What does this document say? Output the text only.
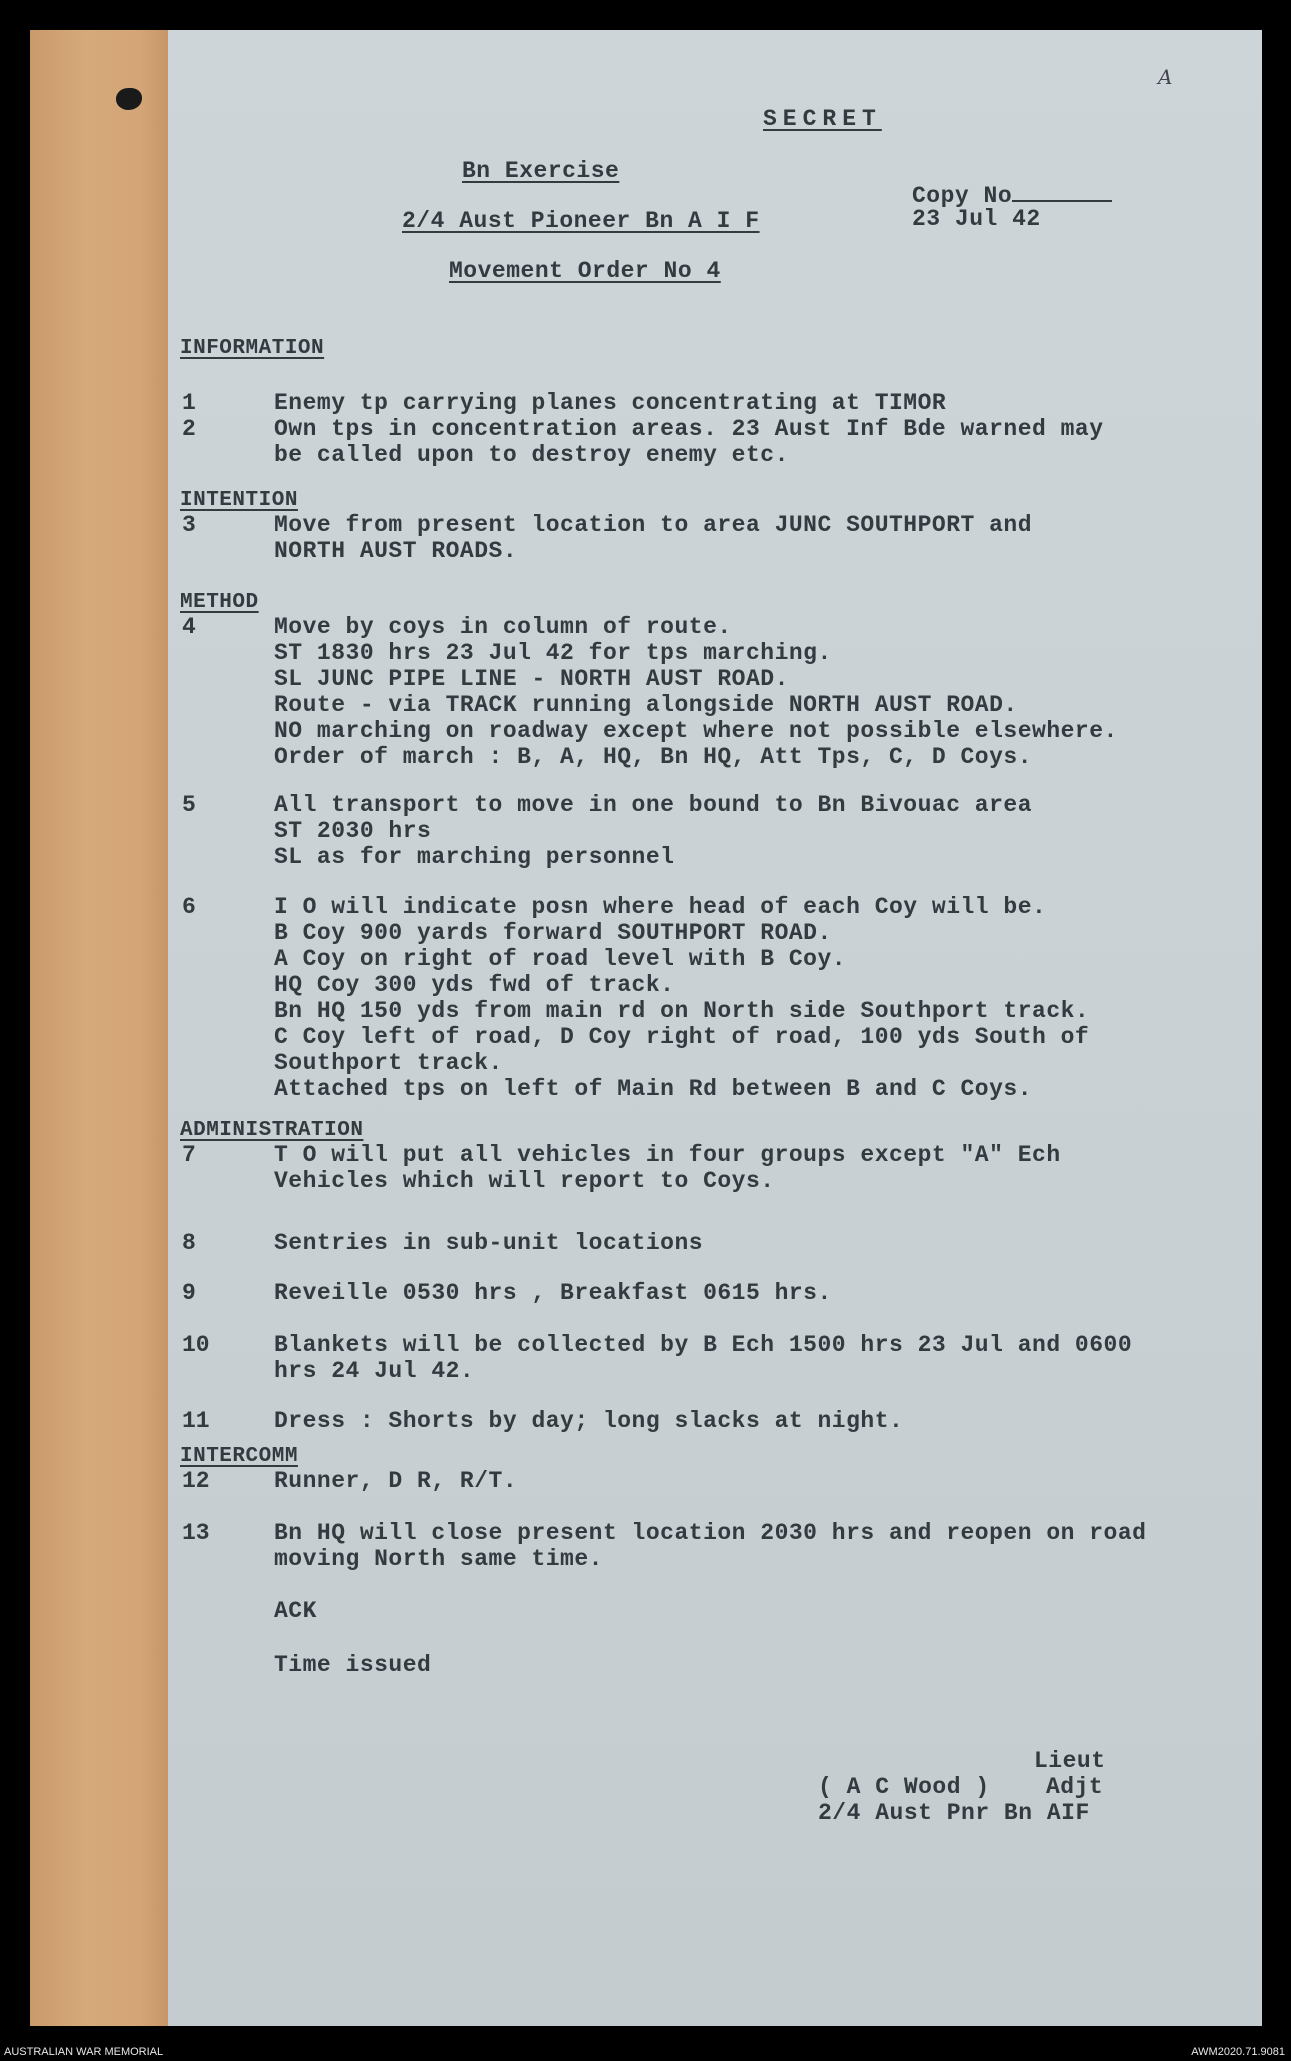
A
SECRET
Bn Exercise
2/4 Aust Pioneer Bn A I F
Movement Order No 4
Copy No
23 Jul 42
INFORMATION
INTENTION
METHOD
ADMINISTRATION
INTERCOMM
1
2
3
4
5
6
7
8
9
10
11
12
13
Enemy tp carrying planes concentrating at TIMOR
Own tps in concentration areas. 23 Aust Inf Bde warned may
be called upon to destroy enemy etc.
Move from present location to area JUNC SOUTHPORT and
NORTH AUST ROADS.
Move by coys in column of route.
ST 1830 hrs 23 Jul 42 for tps marching.
SL JUNC PIPE LINE - NORTH AUST ROAD.
Route - via TRACK running alongside NORTH AUST ROAD.
NO marching on roadway except where not possible elsewhere.
Order of march : B, A, HQ, Bn HQ, Att Tps, C, D Coys.
All transport to move in one bound to Bn Bivouac area
ST 2030 hrs
SL as for marching personnel
I O will indicate posn where head of each Coy will be.
B Coy 900 yards forward SOUTHPORT ROAD.
A Coy on right of road level with B Coy.
HQ Coy 300 yds fwd of track.
Bn HQ 150 yds from main rd on North side Southport track.
C Coy left of road, D Coy right of road, 100 yds South of
Southport track.
Attached tps on left of Main Rd between B and C Coys.
T O will put all vehicles in four groups except "A" Ech
Vehicles which will report to Coys.
Sentries in sub-unit locations
Reveille 0530 hrs , Breakfast 0615 hrs.
Blankets will be collected by B Ech 1500 hrs 23 Jul and 0600
hrs 24 Jul 42.
Dress : Shorts by day; long slacks at night.
Runner, D R, R/T.
Bn HQ will close present location 2030 hrs and reopen on road
moving North same time.
ACK
Time issued
Lieut
( A C Wood ) Adjt
2/4 Aust Pnr Bn AIF
AUSTRALIAN WAR MEMORIAL	AWM2020.71.9081
